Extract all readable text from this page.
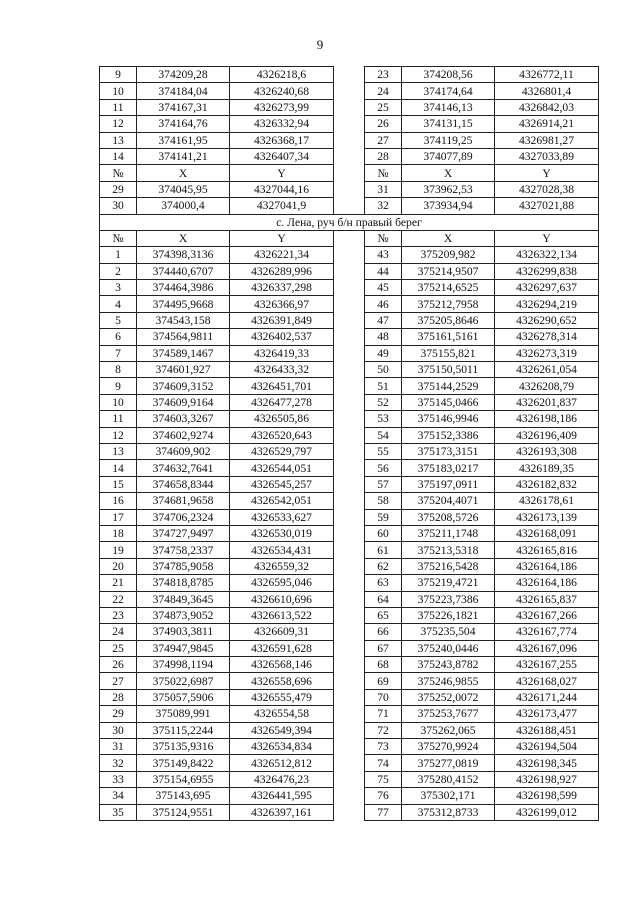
9
9	374209,28	4326218,6		23	374208,56	4326772,11
10	374184,04	4326240,68		24	374174,64	4326801,4
11	374167,31	4326273,99		25	374146,13	4326842,03
12	374164,76	4326332,94		26	374131,15	4326914,21
13	374161,95	4326368,17		27	374119,25	4326981,27
14	374141,21	4326407,34		28	374077,89	4327033,89
№	X	Y		№	X	Y
29	374045,95	4327044,16		31	373962,53	4327028,38
30	374000,4	4327041,9		32	373934,94	4327021,88
с. Лена, руч б/н правый берег						
№	X	Y		№	X	Y
1	374398,3136	4326221,34		43	375209,982	4326322,134
2	374440,6707	4326289,996		44	375214,9507	4326299,838
3	374464,3986	4326337,298		45	375214,6525	4326297,637
4	374495,9668	4326366,97		46	375212,7958	4326294,219
5	374543,158	4326391,849		47	375205,8646	4326290,652
6	374564,9811	4326402,537		48	375161,5161	4326278,314
7	374589,1467	4326419,33		49	375155,821	4326273,319
8	374601,927	4326433,32		50	375150,5011	4326261,054
9	374609,3152	4326451,701		51	375144,2529	4326208,79
10	374609,9164	4326477,278		52	375145,0466	4326201,837
11	374603,3267	4326505,86		53	375146,9946	4326198,186
12	374602,9274	4326520,643		54	375152,3386	4326196,409
13	374609,902	4326529,797		55	375173,3151	4326193,308
14	374632,7641	4326544,051		56	375183,0217	4326189,35
15	374658,8344	4326545,257		57	375197,0911	4326182,832
16	374681,9658	4326542,051		58	375204,4071	4326178,61
17	374706,2324	4326533,627		59	375208,5726	4326173,139
18	374727,9497	4326530,019		60	375211,1748	4326168,091
19	374758,2337	4326534,431		61	375213,5318	4326165,816
20	374785,9058	4326559,32		62	375216,5428	4326164,186
21	374818,8785	4326595,046		63	375219,4721	4326164,186
22	374849,3645	4326610,696		64	375223,7386	4326165,837
23	374873,9052	4326613,522		65	375226,1821	4326167,266
24	374903,3811	4326609,31		66	375235,504	4326167,774
25	374947,9845	4326591,628		67	375240,0446	4326167,096
26	374998,1194	4326568,146		68	375243,8782	4326167,255
27	375022,6987	4326558,696		69	375246,9855	4326168,027
28	375057,5906	4326555,479		70	375252,0072	4326171,244
29	375089,991	4326554,58		71	375253,7677	4326173,477
30	375115,2244	4326549,394		72	375262,065	4326188,451
31	375135,9316	4326534,834		73	375270,9924	4326194,504
32	375149,8422	4326512,812		74	375277,0819	4326198,345
33	375154,6955	4326476,23		75	375280,4152	4326198,927
34	375143,695	4326441,595		76	375302,171	4326198,599
35	375124,9551	4326397,161		77	375312,8733	4326199,012
